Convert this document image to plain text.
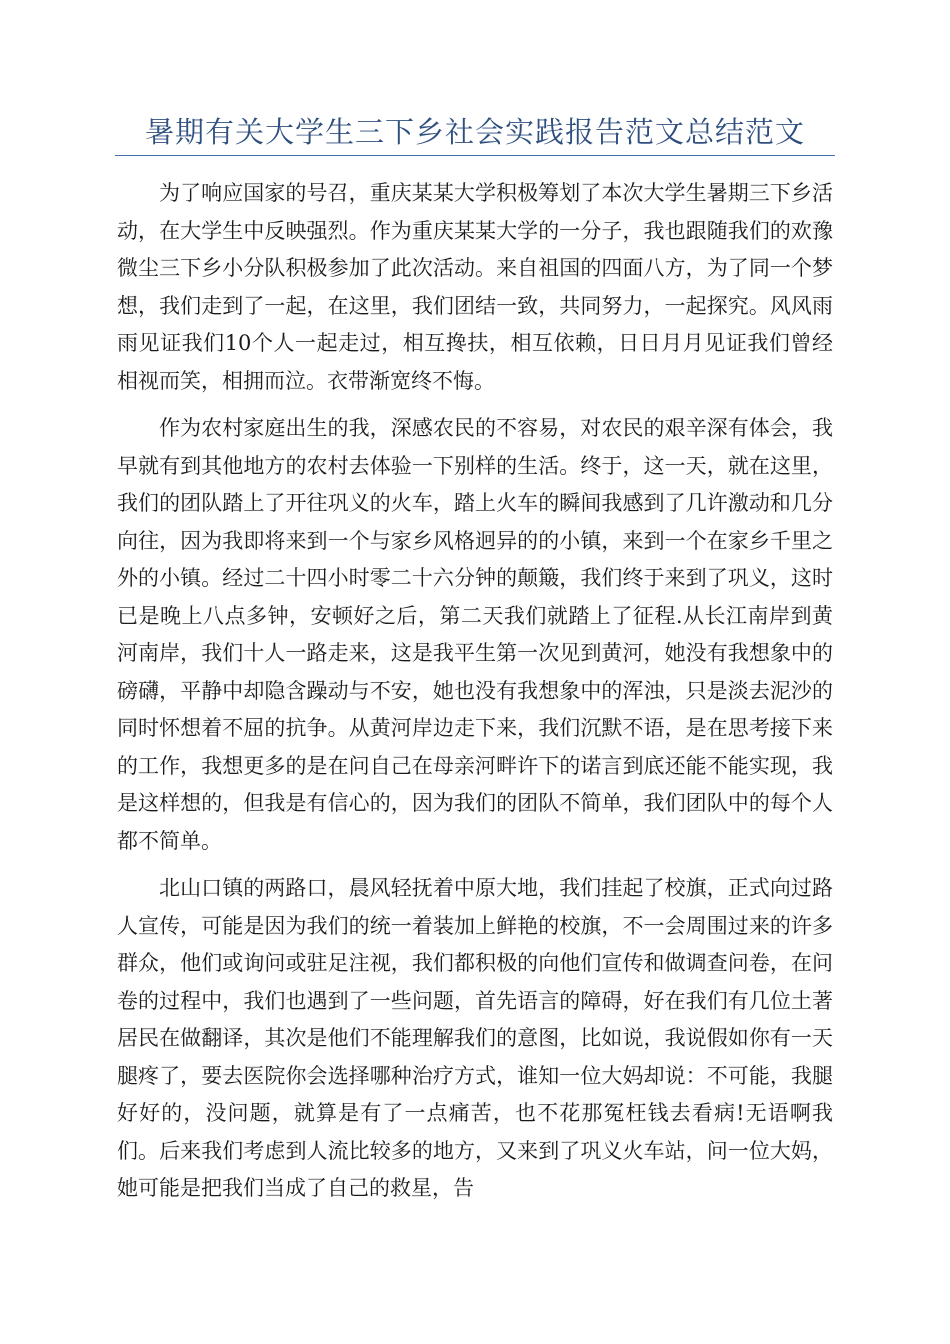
暑期有关大学生三下乡社会实践报告范文总结范文

为了响应国家的号召，重庆某某大学积极筹划了本次大学生暑期三下乡活动，在大学生中反映强烈。作为重庆某某大学的一分子，我也跟随我们的欢豫微尘三下乡小分队积极参加了此次活动。来自祖国的四面八方，为了同一个梦想，我们走到了一起，在这里，我们团结一致，共同努力，一起探究。风风雨雨见证我们10个人一起走过，相互搀扶，相互依赖，日日月月见证我们曾经相视而笑，相拥而泣。衣带渐宽终不悔。

作为农村家庭出生的我，深感农民的不容易，对农民的艰辛深有体会，我早就有到其他地方的农村去体验一下别样的生活。终于，这一天，就在这里，我们的团队踏上了开往巩义的火车，踏上火车的瞬间我感到了几许激动和几分向往，因为我即将来到一个与家乡风格迥异的的小镇，来到一个在家乡千里之外的小镇。经过二十四小时零二十六分钟的颠簸，我们终于来到了巩义，这时已是晚上八点多钟，安顿好之后，第二天我们就踏上了征程.从长江南岸到黄河南岸，我们十人一路走来，这是我平生第一次见到黄河，她没有我想象中的磅礴，平静中却隐含躁动与不安，她也没有我想象中的浑浊，只是淡去泥沙的同时怀想着不屈的抗争。从黄河岸边走下来，我们沉默不语，是在思考接下来的工作，我想更多的是在问自己在母亲河畔许下的诺言到底还能不能实现，我是这样想的，但我是有信心的，因为我们的团队不简单，我们团队中的每个人都不简单。

北山口镇的两路口，晨风轻抚着中原大地，我们挂起了校旗，正式向过路人宣传，可能是因为我们的统一着装加上鲜艳的校旗，不一会周围过来的许多群众，他们或询问或驻足注视，我们都积极的向他们宣传和做调查问卷，在问卷的过程中，我们也遇到了一些问题，首先语言的障碍，好在我们有几位土著居民在做翻译，其次是他们不能理解我们的意图，比如说，我说假如你有一天腿疼了，要去医院你会选择哪种治疗方式，谁知一位大妈却说：不可能，我腿好好的，没问题，就算是有了一点痛苦，也不花那冤枉钱去看病!无语啊我们。后来我们考虑到人流比较多的地方，又来到了巩义火车站，问一位大妈，她可能是把我们当成了自己的救星，告
